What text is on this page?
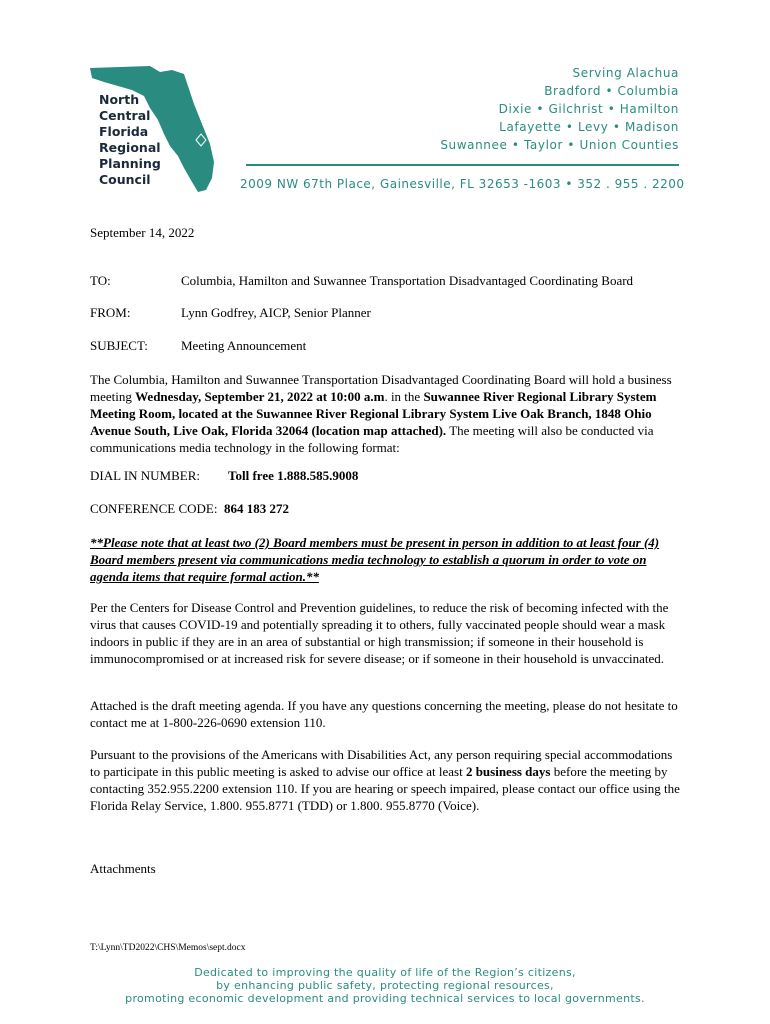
North
Central
Florida
Regional
Planning
Council
Serving Alachua
Bradford • Columbia
Dixie • Gilchrist • Hamilton
Lafayette • Levy • Madison
Suwannee • Taylor • Union Counties
2009 NW 67th Place, Gainesville, FL 32653 -1603 • 352 . 955 . 2200
September 14, 2022
TO:	Columbia, Hamilton and Suwannee Transportation Disadvantaged Coordinating Board
FROM:	Lynn Godfrey, AICP, Senior Planner
SUBJECT:	Meeting Announcement
The Columbia, Hamilton and Suwannee Transportation Disadvantaged Coordinating Board will hold a business meeting Wednesday, September 21, 2022 at 10:00 a.m. in the Suwannee River Regional Library System Meeting Room, located at the Suwannee River Regional Library System Live Oak Branch, 1848 Ohio Avenue South, Live Oak, Florida 32064 (location map attached). The meeting will also be conducted via communications media technology in the following format:
DIAL IN NUMBER: Toll free 1.888.585.9008
CONFERENCE CODE: 864 183 272
**Please note that at least two (2) Board members must be present in person in addition to at least four (4) Board members present via communications media technology to establish a quorum in order to vote on agenda items that require formal action.**
Per the Centers for Disease Control and Prevention guidelines, to reduce the risk of becoming infected with the virus that causes COVID-19 and potentially spreading it to others, fully vaccinated people should wear a mask indoors in public if they are in an area of substantial or high transmission; if someone in their household is immunocompromised or at increased risk for severe disease; or if someone in their household is unvaccinated.
Attached is the draft meeting agenda. If you have any questions concerning the meeting, please do not hesitate to contact me at 1-800-226-0690 extension 110.
Pursuant to the provisions of the Americans with Disabilities Act, any person requiring special accommodations to participate in this public meeting is asked to advise our office at least 2 business days before the meeting by contacting 352.955.2200 extension 110. If you are hearing or speech impaired, please contact our office using the Florida Relay Service, 1.800. 955.8771 (TDD) or 1.800. 955.8770 (Voice).
Attachments
T:\Lynn\TD2022\CHS\Memos\sept.docx
Dedicated to improving the quality of life of the Region’s citizens,
by enhancing public safety, protecting regional resources,
promoting economic development and providing technical services to local governments.
